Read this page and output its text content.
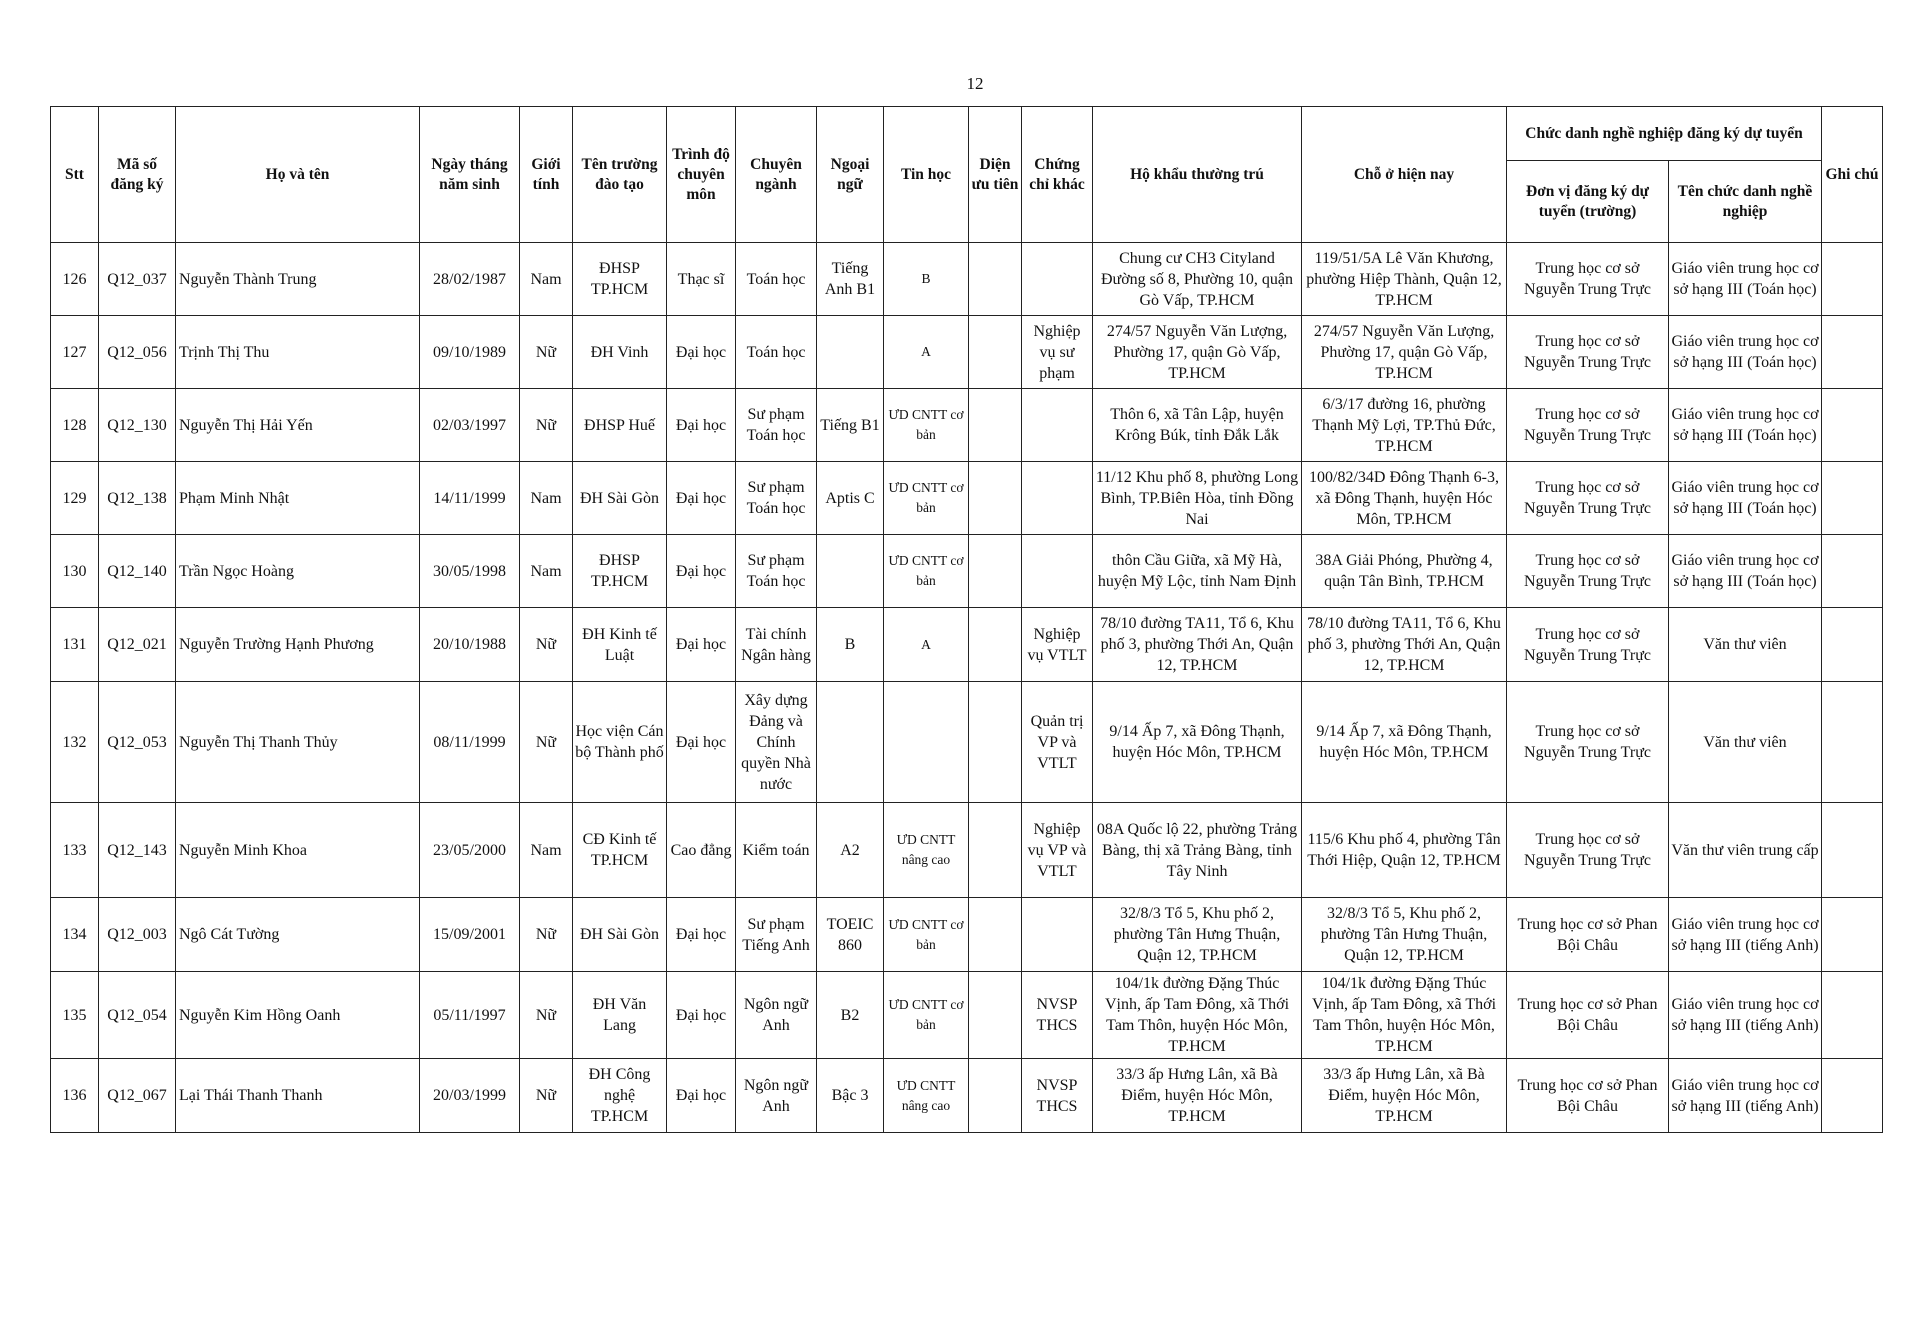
12
Stt	Mã số đăng ký	Họ và tên	Ngày tháng năm sinh	Giới tính	Tên trường đào tạo	Trình độ chuyên môn	Chuyên ngành	Ngoại ngữ	Tin học	Diện ưu tiên	Chứng chỉ khác	Hộ khẩu thường trú	Chỗ ở hiện nay	Chức danh nghề nghiệp đăng ký dự tuyển		Ghi chú
														Đơn vị đăng ký dự tuyển (trường)	Tên chức danh nghề nghiệp	
126	Q12_037	Nguyễn Thành Trung	28/02/1987	Nam	ĐHSP TP.HCM	Thạc sĩ	Toán học	Tiếng Anh B1	B			Chung cư CH3 Cityland Đường số 8, Phường 10, quận Gò Vấp, TP.HCM	119/51/5A Lê Văn Khương, phường Hiệp Thành, Quận 12, TP.HCM	Trung học cơ sở Nguyễn Trung Trực	Giáo viên trung học cơ sở hạng III (Toán học)	
127	Q12_056	Trịnh Thị Thu	09/10/1989	Nữ	ĐH Vinh	Đại học	Toán học		A		Nghiệp vụ sư phạm	274/57 Nguyễn Văn Lượng, Phường 17, quận Gò Vấp, TP.HCM	274/57 Nguyễn Văn Lượng, Phường 17, quận Gò Vấp, TP.HCM	Trung học cơ sở Nguyễn Trung Trực	Giáo viên trung học cơ sở hạng III (Toán học)	
128	Q12_130	Nguyễn Thị Hải Yến	02/03/1997	Nữ	ĐHSP Huế	Đại học	Sư phạm Toán học	Tiếng B1	ƯD CNTT cơ bản			Thôn 6, xã Tân Lập, huyện Krông Búk, tỉnh Đắk Lắk	6/3/17 đường 16, phường Thạnh Mỹ Lợi, TP.Thủ Đức, TP.HCM	Trung học cơ sở Nguyễn Trung Trực	Giáo viên trung học cơ sở hạng III (Toán học)	
129	Q12_138	Phạm Minh Nhật	14/11/1999	Nam	ĐH Sài Gòn	Đại học	Sư phạm Toán học	Aptis C	ƯD CNTT cơ bản			11/12 Khu phố 8, phường Long Bình, TP.Biên Hòa, tỉnh Đồng Nai	100/82/34D Đông Thạnh 6-3, xã Đông Thạnh, huyện Hóc Môn, TP.HCM	Trung học cơ sở Nguyễn Trung Trực	Giáo viên trung học cơ sở hạng III (Toán học)	
130	Q12_140	Trần Ngọc Hoàng	30/05/1998	Nam	ĐHSP TP.HCM	Đại học	Sư phạm Toán học		ƯD CNTT cơ bản			thôn Cầu Giữa, xã Mỹ Hà, huyện Mỹ Lộc, tỉnh Nam Định	38A Giải Phóng, Phường 4, quận Tân Bình, TP.HCM	Trung học cơ sở Nguyễn Trung Trực	Giáo viên trung học cơ sở hạng III (Toán học)	
131	Q12_021	Nguyễn Trường Hạnh Phương	20/10/1988	Nữ	ĐH Kinh tế Luật	Đại học	Tài chính Ngân hàng	B	A		Nghiệp vụ VTLT	78/10 đường TA11, Tổ 6, Khu phố 3, phường Thới An, Quận 12, TP.HCM	78/10 đường TA11, Tổ 6, Khu phố 3, phường Thới An, Quận 12, TP.HCM	Trung học cơ sở Nguyễn Trung Trực	Văn thư viên	
132	Q12_053	Nguyễn Thị Thanh Thủy	08/11/1999	Nữ	Học viện Cán bộ Thành phố	Đại học	Xây dựng Đảng và Chính quyền Nhà nước				Quản trị VP và VTLT	9/14 Ấp 7, xã Đông Thạnh, huyện Hóc Môn, TP.HCM	9/14 Ấp 7, xã Đông Thạnh, huyện Hóc Môn, TP.HCM	Trung học cơ sở Nguyễn Trung Trực	Văn thư viên	
133	Q12_143	Nguyễn Minh Khoa	23/05/2000	Nam	CĐ Kinh tế TP.HCM	Cao đẳng	Kiểm toán	A2	ƯD CNTT nâng cao		Nghiệp vụ VP và VTLT	08A Quốc lộ 22, phường Trảng Bàng, thị xã Trảng Bàng, tỉnh Tây Ninh	115/6 Khu phố 4, phường Tân Thới Hiệp, Quận 12, TP.HCM	Trung học cơ sở Nguyễn Trung Trực	Văn thư viên trung cấp	
134	Q12_003	Ngô Cát Tường	15/09/2001	Nữ	ĐH Sài Gòn	Đại học	Sư phạm Tiếng Anh	TOEIC 860	ƯD CNTT cơ bản			32/8/3 Tổ 5, Khu phố 2, phường Tân Hưng Thuận, Quận 12, TP.HCM	32/8/3 Tổ 5, Khu phố 2, phường Tân Hưng Thuận, Quận 12, TP.HCM	Trung học cơ sở Phan Bội Châu	Giáo viên trung học cơ sở hạng III (tiếng Anh)	
135	Q12_054	Nguyễn Kim Hồng Oanh	05/11/1997	Nữ	ĐH Văn Lang	Đại học	Ngôn ngữ Anh	B2	ƯD CNTT cơ bản		NVSP THCS	104/1k đường Đặng Thúc Vịnh, ấp Tam Đông, xã Thới Tam Thôn, huyện Hóc Môn, TP.HCM	104/1k đường Đặng Thúc Vịnh, ấp Tam Đông, xã Thới Tam Thôn, huyện Hóc Môn, TP.HCM	Trung học cơ sở Phan Bội Châu	Giáo viên trung học cơ sở hạng III (tiếng Anh)	
136	Q12_067	Lại Thái Thanh Thanh	20/03/1999	Nữ	ĐH Công nghệ TP.HCM	Đại học	Ngôn ngữ Anh	Bậc 3	ƯD CNTT nâng cao		NVSP THCS	33/3 ấp Hưng Lân, xã Bà Điểm, huyện Hóc Môn, TP.HCM	33/3 ấp Hưng Lân, xã Bà Điểm, huyện Hóc Môn, TP.HCM	Trung học cơ sở Phan Bội Châu	Giáo viên trung học cơ sở hạng III (tiếng Anh)	
